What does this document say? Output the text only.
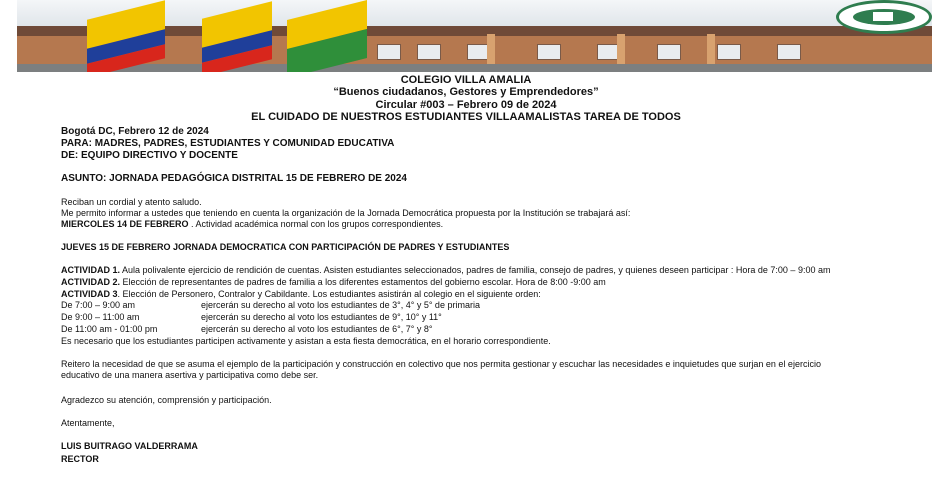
COLEGIO VILLA AMALIA
“Buenos ciudadanos, Gestores y Emprendedores”
Circular #003 – Febrero 09 de 2024
EL CUIDADO DE NUESTROS ESTUDIANTES VILLAAMALISTAS TAREA DE TODOS
Bogotá DC, Febrero 12 de 2024
PARA: MADRES, PADRES, ESTUDIANTES Y COMUNIDAD EDUCATIVA
DE: EQUIPO DIRECTIVO Y DOCENTE
ASUNTO: JORNADA PEDAGÓGICA DISTRITAL 15 DE FEBRERO DE 2024
Reciban un cordial y atento saludo.
Me permito informar a ustedes que teniendo en cuenta la organización de la Jornada Democrática propuesta por la Institución se trabajará así:
MIERCOLES 14 DE FEBRERO . Actividad académica normal con los grupos correspondientes.
JUEVES 15 DE FEBRERO JORNADA DEMOCRATICA CON PARTICIPACIÓN DE PADRES Y ESTUDIANTES
ACTIVIDAD 1. Aula polivalente ejercicio de rendición de cuentas. Asisten estudiantes seleccionados, padres de familia, consejo de padres, y quienes deseen participar : Hora de 7:00 – 9:00 am
ACTIVIDAD 2. Elección de representantes de padres de familia a los diferentes estamentos del gobierno escolar. Hora de 8:00 -9:00 am
ACTIVIDAD 3. Elección de Personero, Contralor y Cabildante. Los estudiantes asistirán al colegio en el siguiente orden:
De 7:00 – 9:00 am	ejercerán su derecho al voto los estudiantes de 3°, 4° y 5° de primaria
De 9:00 – 11:00 am	ejercerán su derecho al voto los estudiantes de 9°, 10° y 11°
De 11:00 am - 01:00 pm	ejercerán su derecho al voto los estudiantes de 6°, 7° y 8°
Es necesario que los estudiantes participen activamente y asistan a esta fiesta democrática, en el horario correspondiente.
Reitero la necesidad de que se asuma el ejemplo de la participación y construcción en colectivo que nos permita gestionar y escuchar las necesidades e inquietudes que surjan en el ejercicio
educativo de una manera asertiva y participativa como debe ser.
Agradezco su atención, comprensión y participación.
Atentamente,
LUIS BUITRAGO VALDERRAMA
RECTOR
